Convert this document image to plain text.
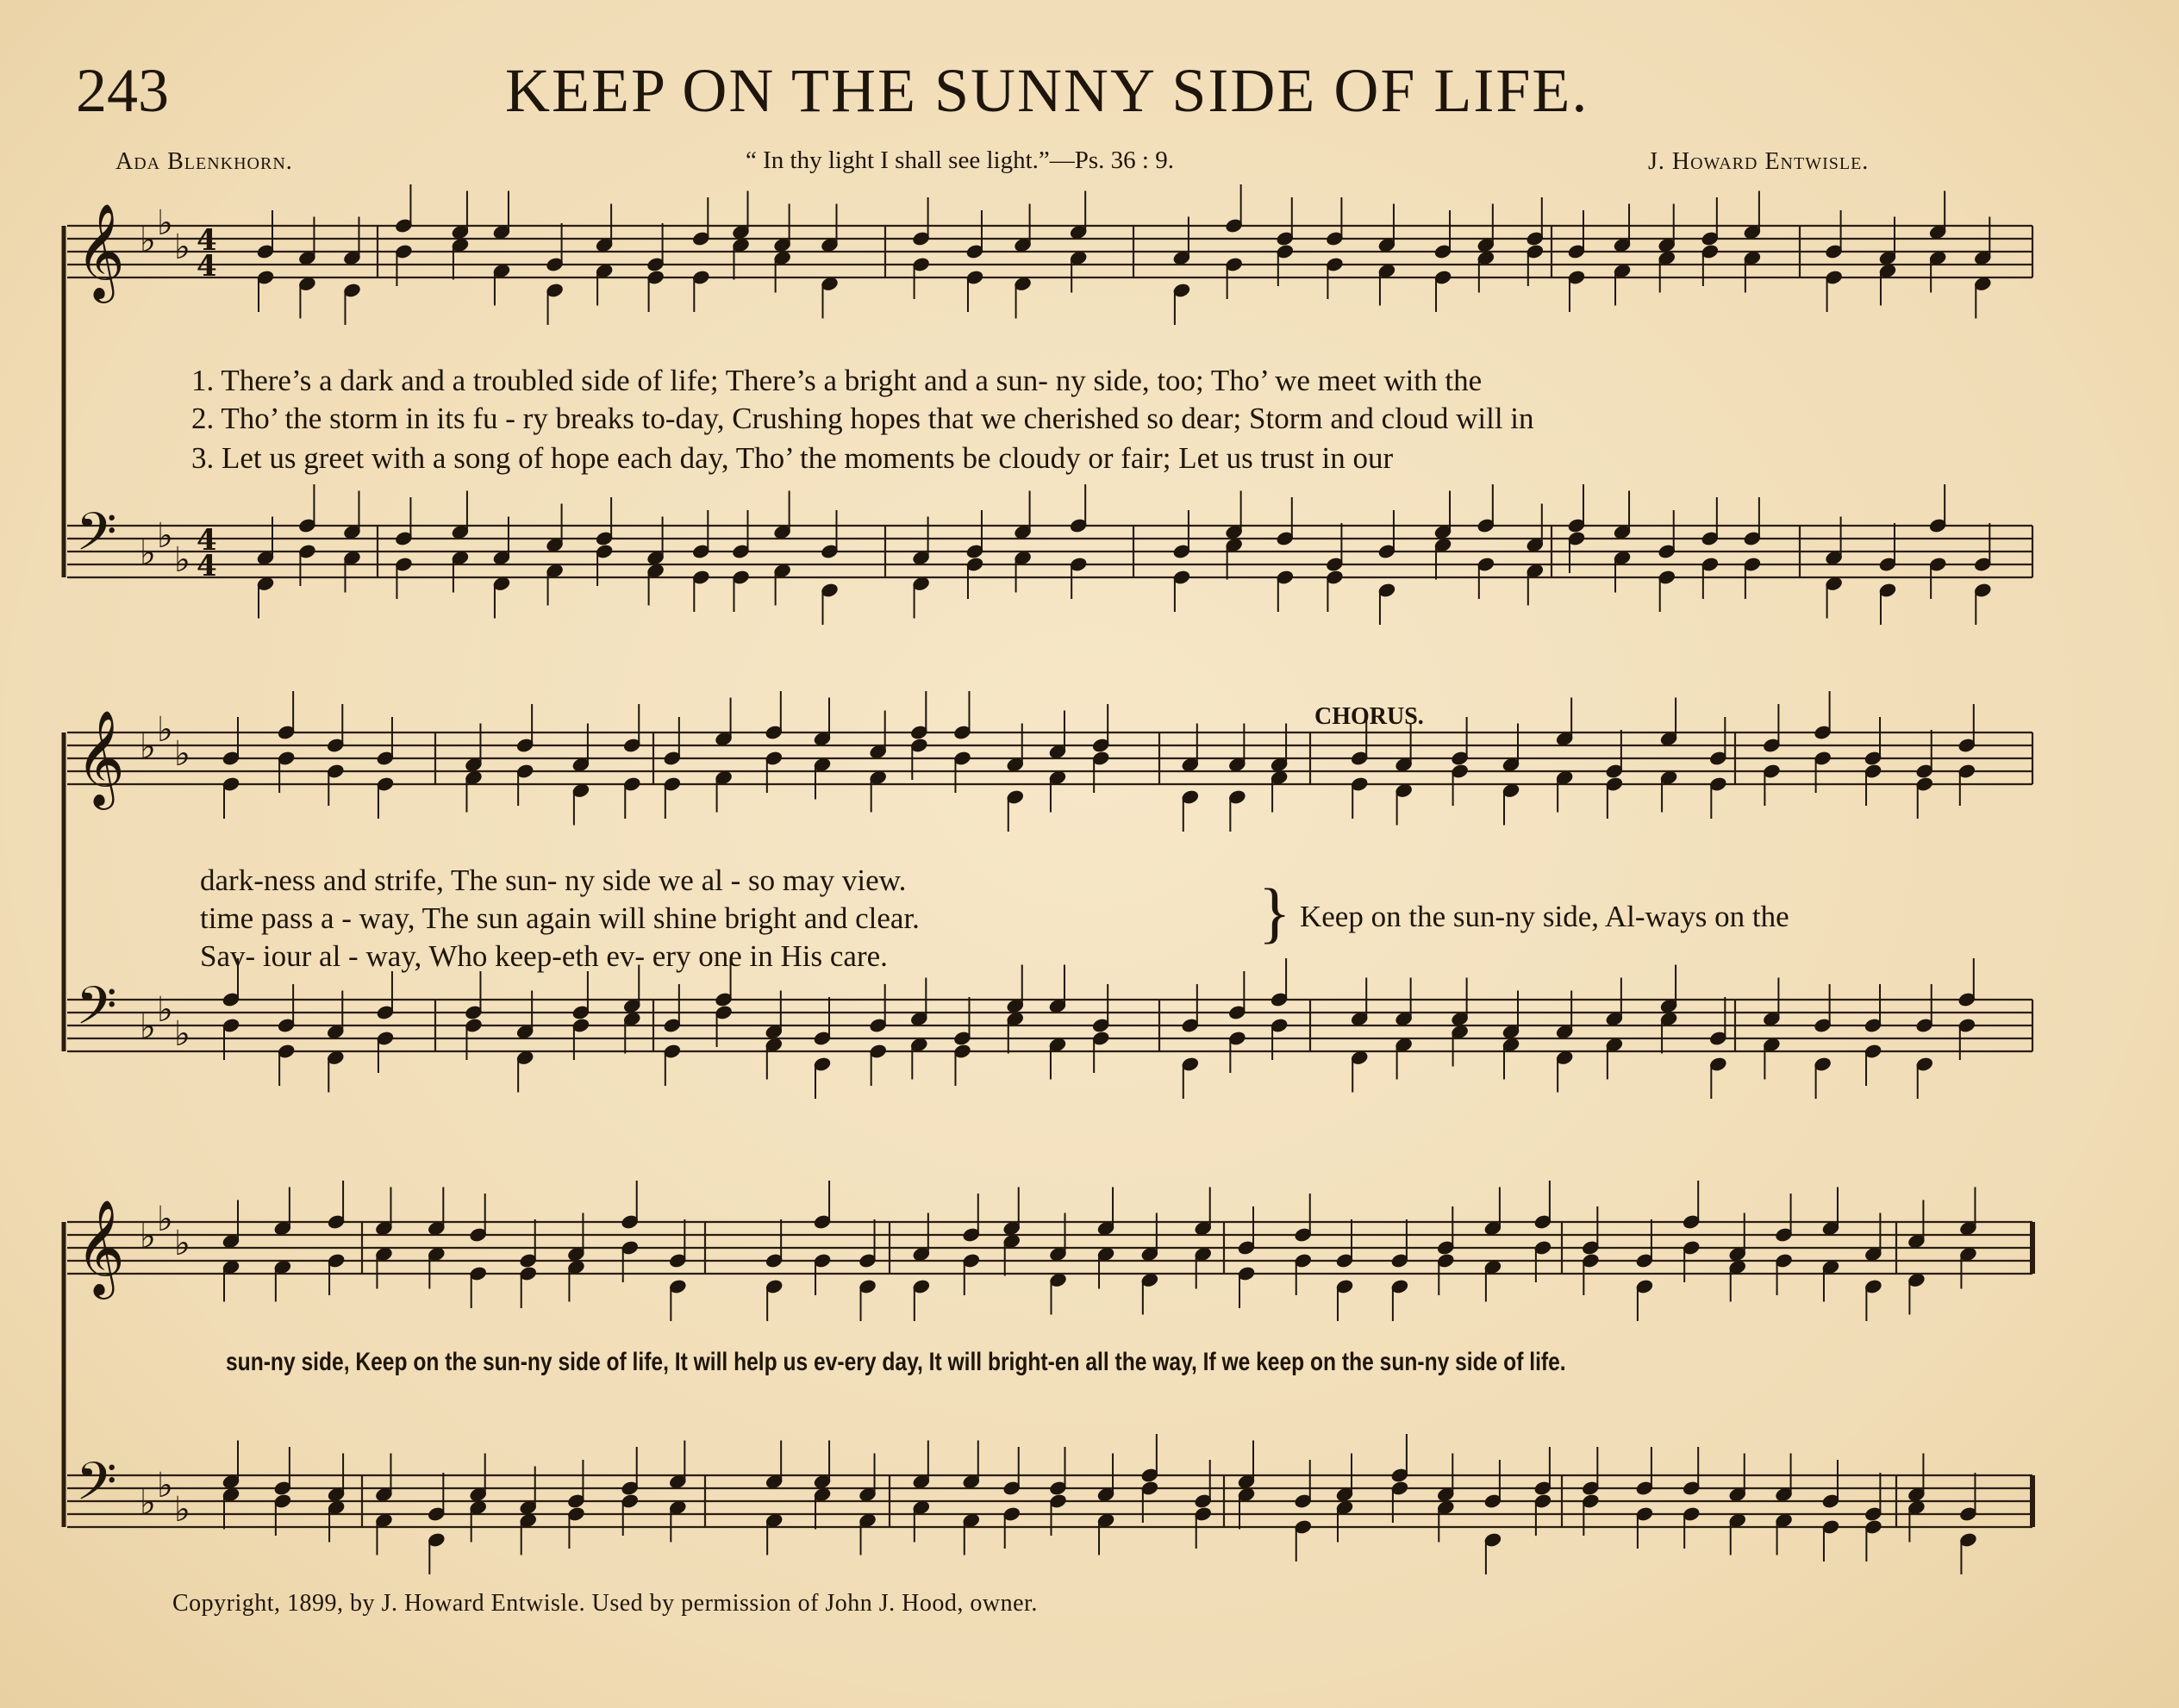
243	KEEP ON THE SUNNY SIDE OF LIFE.
Ada Blenkhorn.	“ In thy light I shall see light.”—Ps. 36 : 9.	J. Howard Entwisle.
𝄞 ♭ ♭
♭ 4
4
𝄢 ♭ ♭
♭ 4
4
𝄞 ♭ ♭
♭
𝄢 ♭ ♭
♭
𝄞 ♭ ♭
♭
𝄢 ♭ ♭
♭
1. There’s a dark and a troubled side of life; There’s a bright and a sun- ny side, too; Tho’ we meet with the
2. Tho’ the storm in its fu - ry breaks to-day, Crushing hopes that we cherished so dear; Storm and cloud will in
3. Let us greet with a song of hope each day, Tho’ the moments be cloudy or fair; Let us trust in our
CHORUS.
dark-ness and strife, The sun- ny side we al - so may view.
time pass a - way, The sun again will shine bright and clear.
Sav- iour al - way, Who keep-eth ev- ery one in His care.
} Keep on the sun-ny side, Al-ways on the
sun-ny side, Keep on the sun-ny side of life, It will help us ev-ery day, It will bright-en all the way, If we keep on the sun-ny side of life.
Copyright, 1899, by J. Howard Entwisle. Used by permission of John J. Hood, owner.
